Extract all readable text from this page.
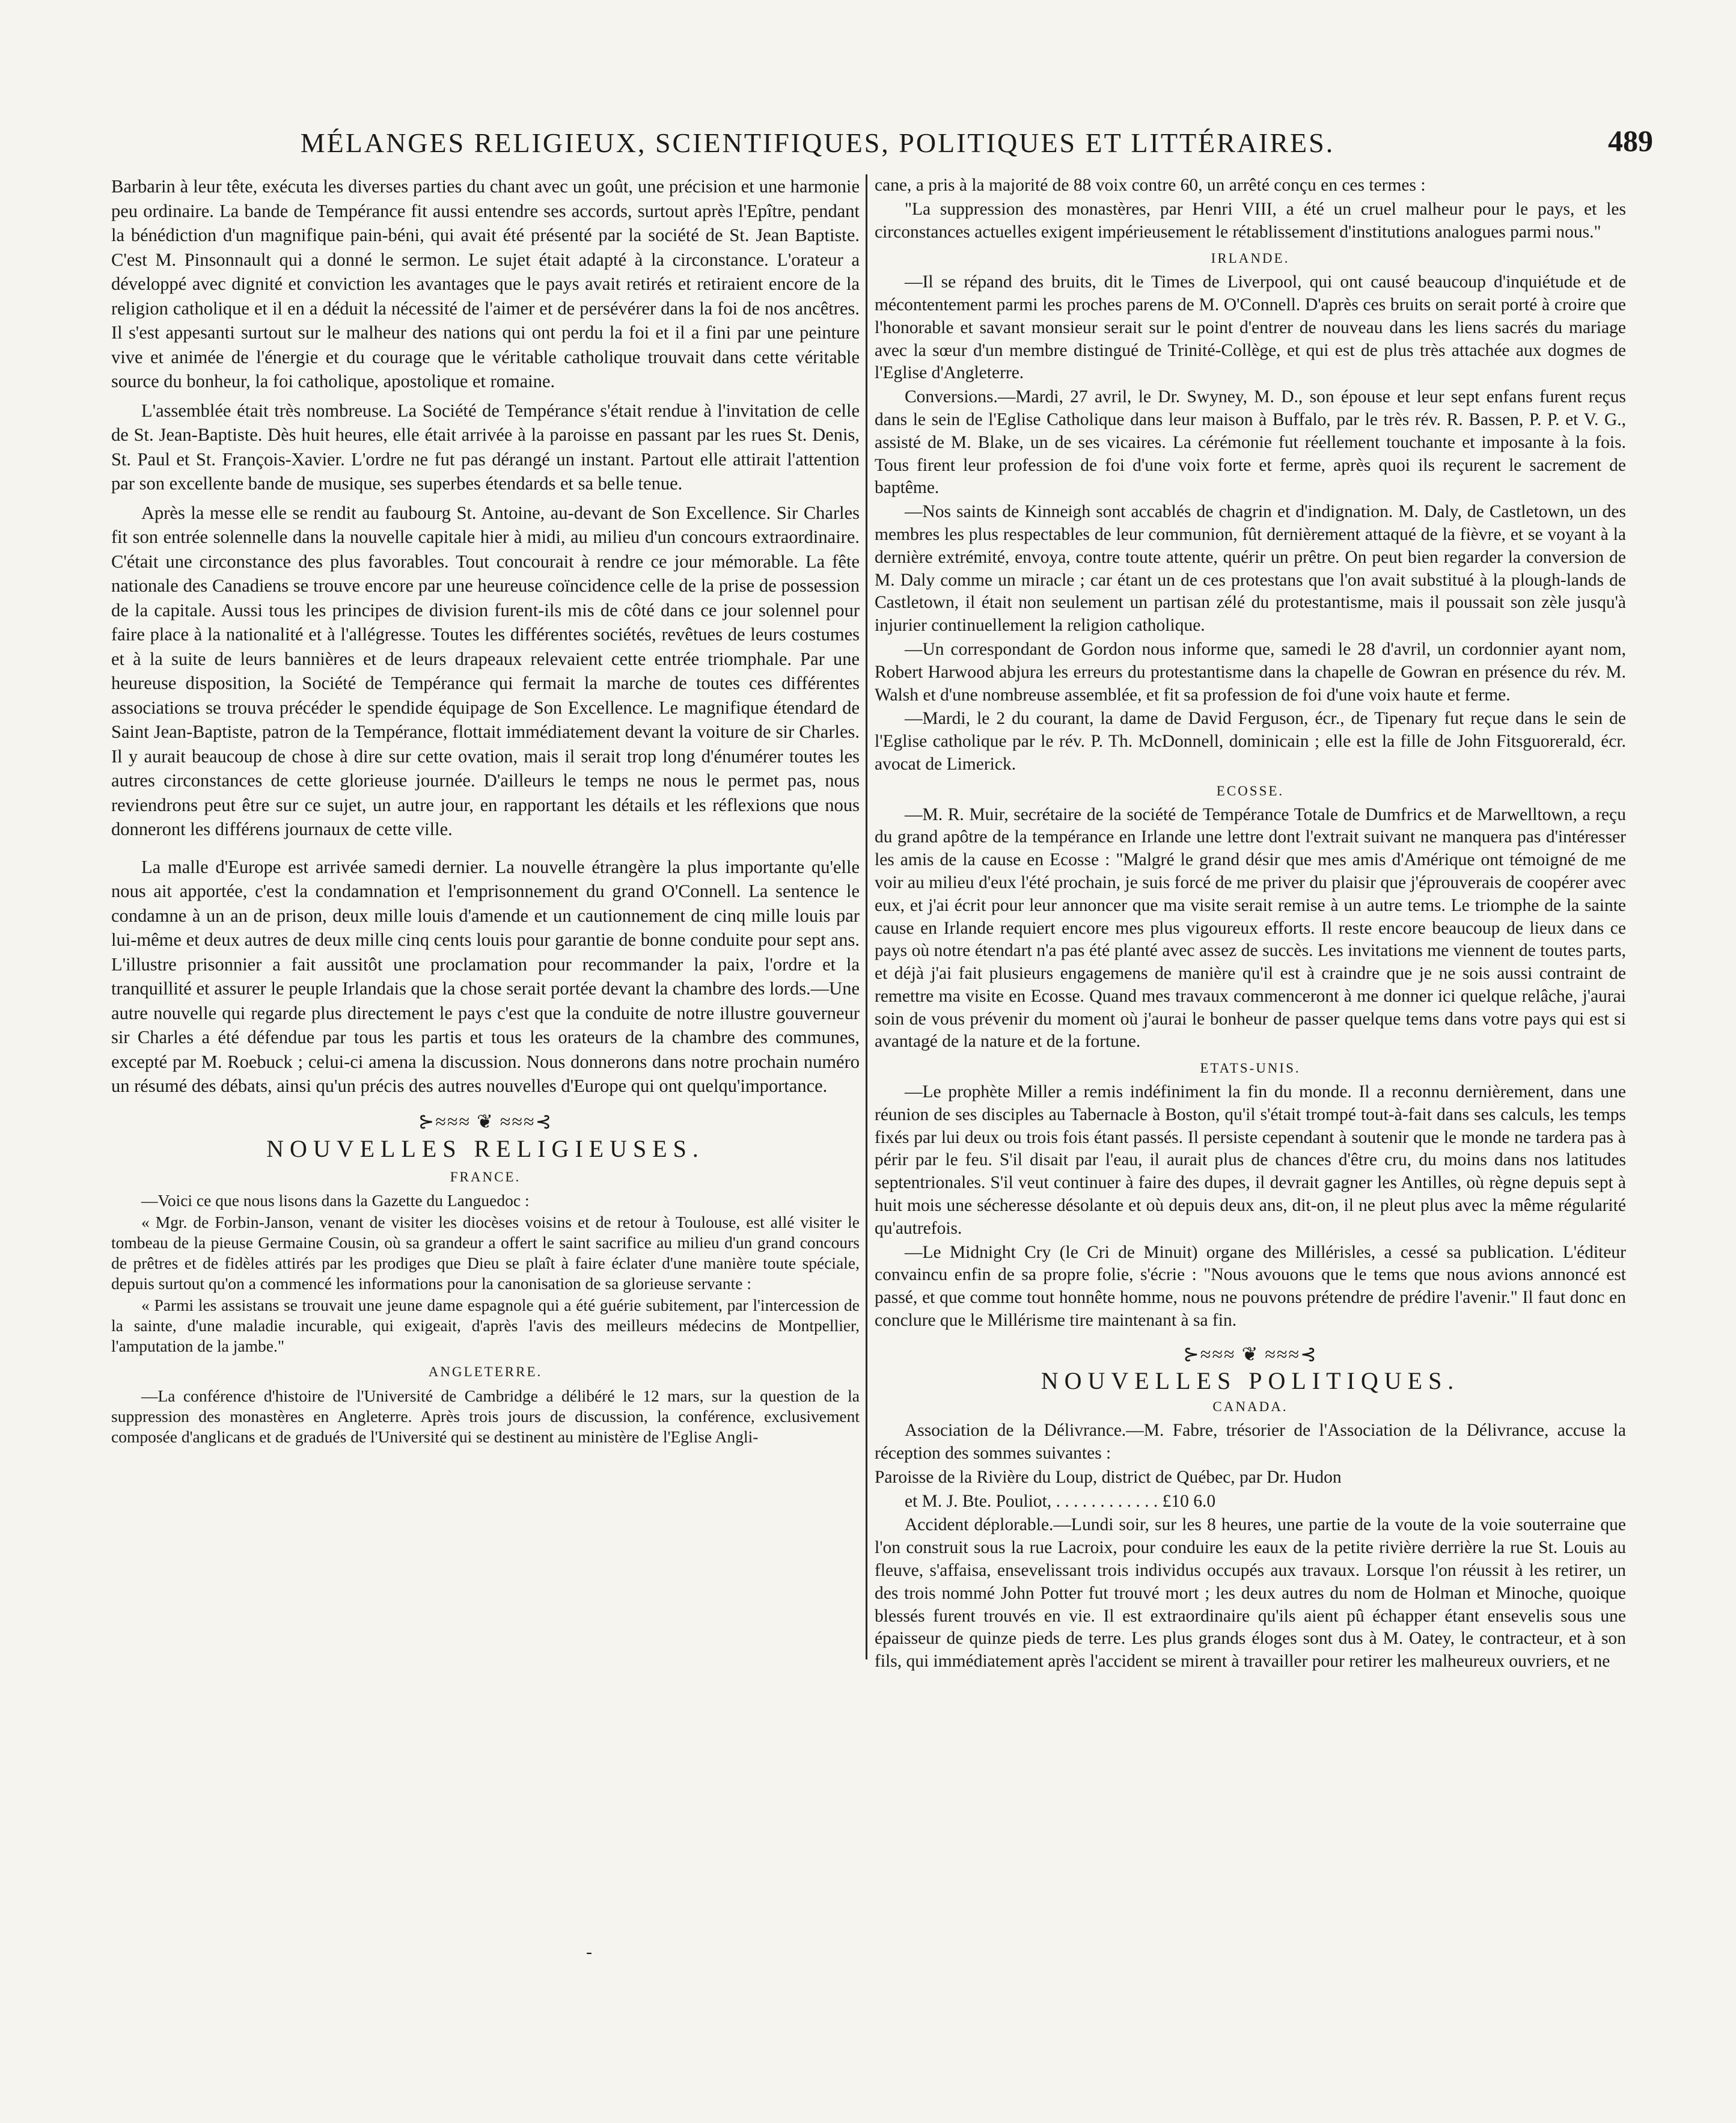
MÉLANGES RELIGIEUX, SCIENTIFIQUES, POLITIQUES ET LITTÉRAIRES.	489

Barbarin à leur tête, exécuta les diverses parties du chant avec un goût, une précision et une harmonie peu ordinaire. La bande de Tempérance fit aussi entendre ses accords, surtout après l'Epître, pendant la bénédiction d'un magnifique pain-béni, qui avait été présenté par la société de St. Jean Baptiste. C'est M. Pinsonnault qui a donné le sermon. Le sujet était adapté à la circonstance. L'orateur a développé avec dignité et conviction les avantages que le pays avait retirés et retiraient encore de la religion catholique et il en a déduit la nécessité de l'aimer et de persévérer dans la foi de nos ancêtres. Il s'est appesanti surtout sur le malheur des nations qui ont perdu la foi et il a fini par une peinture vive et animée de l'énergie et du courage que le véritable catholique trouvait dans cette véritable source du bonheur, la foi catholique, apostolique et romaine.

L'assemblée était très nombreuse. La Société de Tempérance s'était rendue à l'invitation de celle de St. Jean-Baptiste. Dès huit heures, elle était arrivée à la paroisse en passant par les rues St. Denis, St. Paul et St. François-Xavier. L'ordre ne fut pas dérangé un instant. Partout elle attirait l'attention par son excellente bande de musique, ses superbes étendards et sa belle tenue.

Après la messe elle se rendit au faubourg St. Antoine, au-devant de Son Excellence. Sir Charles fit son entrée solennelle dans la nouvelle capitale hier à midi, au milieu d'un concours extraordinaire. C'était une circonstance des plus favorables. Tout concourait à rendre ce jour mémorable. La fête nationale des Canadiens se trouve encore par une heureuse coïncidence celle de la prise de possession de la capitale. Aussi tous les principes de division furent-ils mis de côté dans ce jour solennel pour faire place à la nationalité et à l'allégresse. Toutes les différentes sociétés, revêtues de leurs costumes et à la suite de leurs bannières et de leurs drapeaux relevaient cette entrée triomphale. Par une heureuse disposition, la Société de Tempérance qui fermait la marche de toutes ces différentes associations se trouva précéder le spendide équipage de Son Excellence. Le magnifique étendard de Saint Jean-Baptiste, patron de la Tempérance, flottait immédiatement devant la voiture de sir Charles. Il y aurait beaucoup de chose à dire sur cette ovation, mais il serait trop long d'énumérer toutes les autres circonstances de cette glorieuse journée. D'ailleurs le temps ne nous le permet pas, nous reviendrons peut être sur ce sujet, un autre jour, en rapportant les détails et les réflexions que nous donneront les différens journaux de cette ville.

La malle d'Europe est arrivée samedi dernier. La nouvelle étrangère la plus importante qu'elle nous ait apportée, c'est la condamnation et l'emprisonnement du grand O'Connell. La sentence le condamne à un an de prison, deux mille louis d'amende et un cautionnement de cinq mille louis par lui-même et deux autres de deux mille cinq cents louis pour garantie de bonne conduite pour sept ans. L'illustre prisonnier a fait aussitôt une proclamation pour recommander la paix, l'ordre et la tranquillité et assurer le peuple Irlandais que la chose serait portée devant la chambre des lords.—Une autre nouvelle qui regarde plus directement le pays c'est que la conduite de notre illustre gouverneur sir Charles a été défendue par tous les partis et tous les orateurs de la chambre des communes, excepté par M. Roebuck ; celui-ci amena la discussion. Nous donnerons dans notre prochain numéro un résumé des débats, ainsi qu'un précis des autres nouvelles d'Europe qui ont quelqu'importance.

⊱≈≈≈ ❦ ≈≈≈⊰
NOUVELLES RELIGIEUSES.
FRANCE.

—Voici ce que nous lisons dans la Gazette du Languedoc :

« Mgr. de Forbin-Janson, venant de visiter les diocèses voisins et de retour à Toulouse, est allé visiter le tombeau de la pieuse Germaine Cousin, où sa grandeur a offert le saint sacrifice au milieu d'un grand concours de prêtres et de fidèles attirés par les prodiges que Dieu se plaît à faire éclater d'une manière toute spéciale, depuis surtout qu'on a commencé les informations pour la canonisation de sa glorieuse servante :

« Parmi les assistans se trouvait une jeune dame espagnole qui a été guérie subitement, par l'intercession de la sainte, d'une maladie incurable, qui exigeait, d'après l'avis des meilleurs médecins de Montpellier, l'amputation de la jambe."

ANGLETERRE.

—La conférence d'histoire de l'Université de Cambridge a délibéré le 12 mars, sur la question de la suppression des monastères en Angleterre. Après trois jours de discussion, la conférence, exclusivement composée d'anglicans et de gradués de l'Université qui se destinent au ministère de l'Eglise Angli-

cane, a pris à la majorité de 88 voix contre 60, un arrêté conçu en ces termes :

"La suppression des monastères, par Henri VIII, a été un cruel malheur pour le pays, et les circonstances actuelles exigent impérieusement le rétablissement d'institutions analogues parmi nous."

IRLANDE.

—Il se répand des bruits, dit le Times de Liverpool, qui ont causé beaucoup d'inquiétude et de mécontentement parmi les proches parens de M. O'Connell. D'après ces bruits on serait porté à croire que l'honorable et savant monsieur serait sur le point d'entrer de nouveau dans les liens sacrés du mariage avec la sœur d'un membre distingué de Trinité-Collège, et qui est de plus très attachée aux dogmes de l'Eglise d'Angleterre.

Conversions.—Mardi, 27 avril, le Dr. Swyney, M. D., son épouse et leur sept enfans furent reçus dans le sein de l'Eglise Catholique dans leur maison à Buffalo, par le très rév. R. Bassen, P. P. et V. G., assisté de M. Blake, un de ses vicaires. La cérémonie fut réellement touchante et imposante à la fois. Tous firent leur profession de foi d'une voix forte et ferme, après quoi ils reçurent le sacrement de baptême.

—Nos saints de Kinneigh sont accablés de chagrin et d'indignation. M. Daly, de Castletown, un des membres les plus respectables de leur communion, fût dernièrement attaqué de la fièvre, et se voyant à la dernière extrémité, envoya, contre toute attente, quérir un prêtre. On peut bien regarder la conversion de M. Daly comme un miracle ; car étant un de ces protestans que l'on avait substitué à la plough-lands de Castletown, il était non seulement un partisan zélé du protestantisme, mais il poussait son zèle jusqu'à injurier continuellement la religion catholique.

—Un correspondant de Gordon nous informe que, samedi le 28 d'avril, un cordonnier ayant nom, Robert Harwood abjura les erreurs du protestantisme dans la chapelle de Gowran en présence du rév. M. Walsh et d'une nombreuse assemblée, et fit sa profession de foi d'une voix haute et ferme.

—Mardi, le 2 du courant, la dame de David Ferguson, écr., de Tipenary fut reçue dans le sein de l'Eglise catholique par le rév. P. Th. McDonnell, dominicain ; elle est la fille de John Fitsguorerald, écr. avocat de Limerick.

ECOSSE.

—M. R. Muir, secrétaire de la société de Tempérance Totale de Dumfrics et de Marwelltown, a reçu du grand apôtre de la tempérance en Irlande une lettre dont l'extrait suivant ne manquera pas d'intéresser les amis de la cause en Ecosse : "Malgré le grand désir que mes amis d'Amérique ont témoigné de me voir au milieu d'eux l'été prochain, je suis forcé de me priver du plaisir que j'éprouverais de coopérer avec eux, et j'ai écrit pour leur annoncer que ma visite serait remise à un autre tems. Le triomphe de la sainte cause en Irlande requiert encore mes plus vigoureux efforts. Il reste encore beaucoup de lieux dans ce pays où notre étendart n'a pas été planté avec assez de succès. Les invitations me viennent de toutes parts, et déjà j'ai fait plusieurs engagemens de manière qu'il est à craindre que je ne sois aussi contraint de remettre ma visite en Ecosse. Quand mes travaux commenceront à me donner ici quelque relâche, j'aurai soin de vous prévenir du moment où j'aurai le bonheur de passer quelque tems dans votre pays qui est si avantagé de la nature et de la fortune.

ETATS-UNIS.

—Le prophète Miller a remis indéfiniment la fin du monde. Il a reconnu dernièrement, dans une réunion de ses disciples au Tabernacle à Boston, qu'il s'était trompé tout-à-fait dans ses calculs, les temps fixés par lui deux ou trois fois étant passés. Il persiste cependant à soutenir que le monde ne tardera pas à périr par le feu. S'il disait par l'eau, il aurait plus de chances d'être cru, du moins dans nos latitudes septentrionales. S'il veut continuer à faire des dupes, il devrait gagner les Antilles, où règne depuis sept à huit mois une sécheresse désolante et où depuis deux ans, dit-on, il ne pleut plus avec la même régularité qu'autrefois.

—Le Midnight Cry (le Cri de Minuit) organe des Millérisles, a cessé sa publication. L'éditeur convaincu enfin de sa propre folie, s'écrie : "Nous avouons que le tems que nous avions annoncé est passé, et que comme tout honnête homme, nous ne pouvons prétendre de prédire l'avenir." Il faut donc en conclure que le Millérisme tire maintenant à sa fin.

⊱≈≈≈ ❦ ≈≈≈⊰
NOUVELLES POLITIQUES.
CANADA.

Association de la Délivrance.—M. Fabre, trésorier de l'Association de la Délivrance, accuse la réception des sommes suivantes :

Paroisse de la Rivière du Loup, district de Québec, par Dr. Hudon

et M. J. Bte. Pouliot, . . . . . . . . . . . . £10 6.0

Accident déplorable.—Lundi soir, sur les 8 heures, une partie de la voute de la voie souterraine que l'on construit sous la rue Lacroix, pour conduire les eaux de la petite rivière derrière la rue St. Louis au fleuve, s'affaisa, ensevelissant trois individus occupés aux travaux. Lorsque l'on réussit à les retirer, un des trois nommé John Potter fut trouvé mort ; les deux autres du nom de Holman et Minoche, quoique blessés furent trouvés en vie. Il est extraordinaire qu'ils aient pû échapper étant ensevelis sous une épaisseur de quinze pieds de terre. Les plus grands éloges sont dus à M. Oatey, le contracteur, et à son fils, qui immédiatement après l'accident se mirent à travailler pour retirer les malheureux ouvriers, et ne

-
